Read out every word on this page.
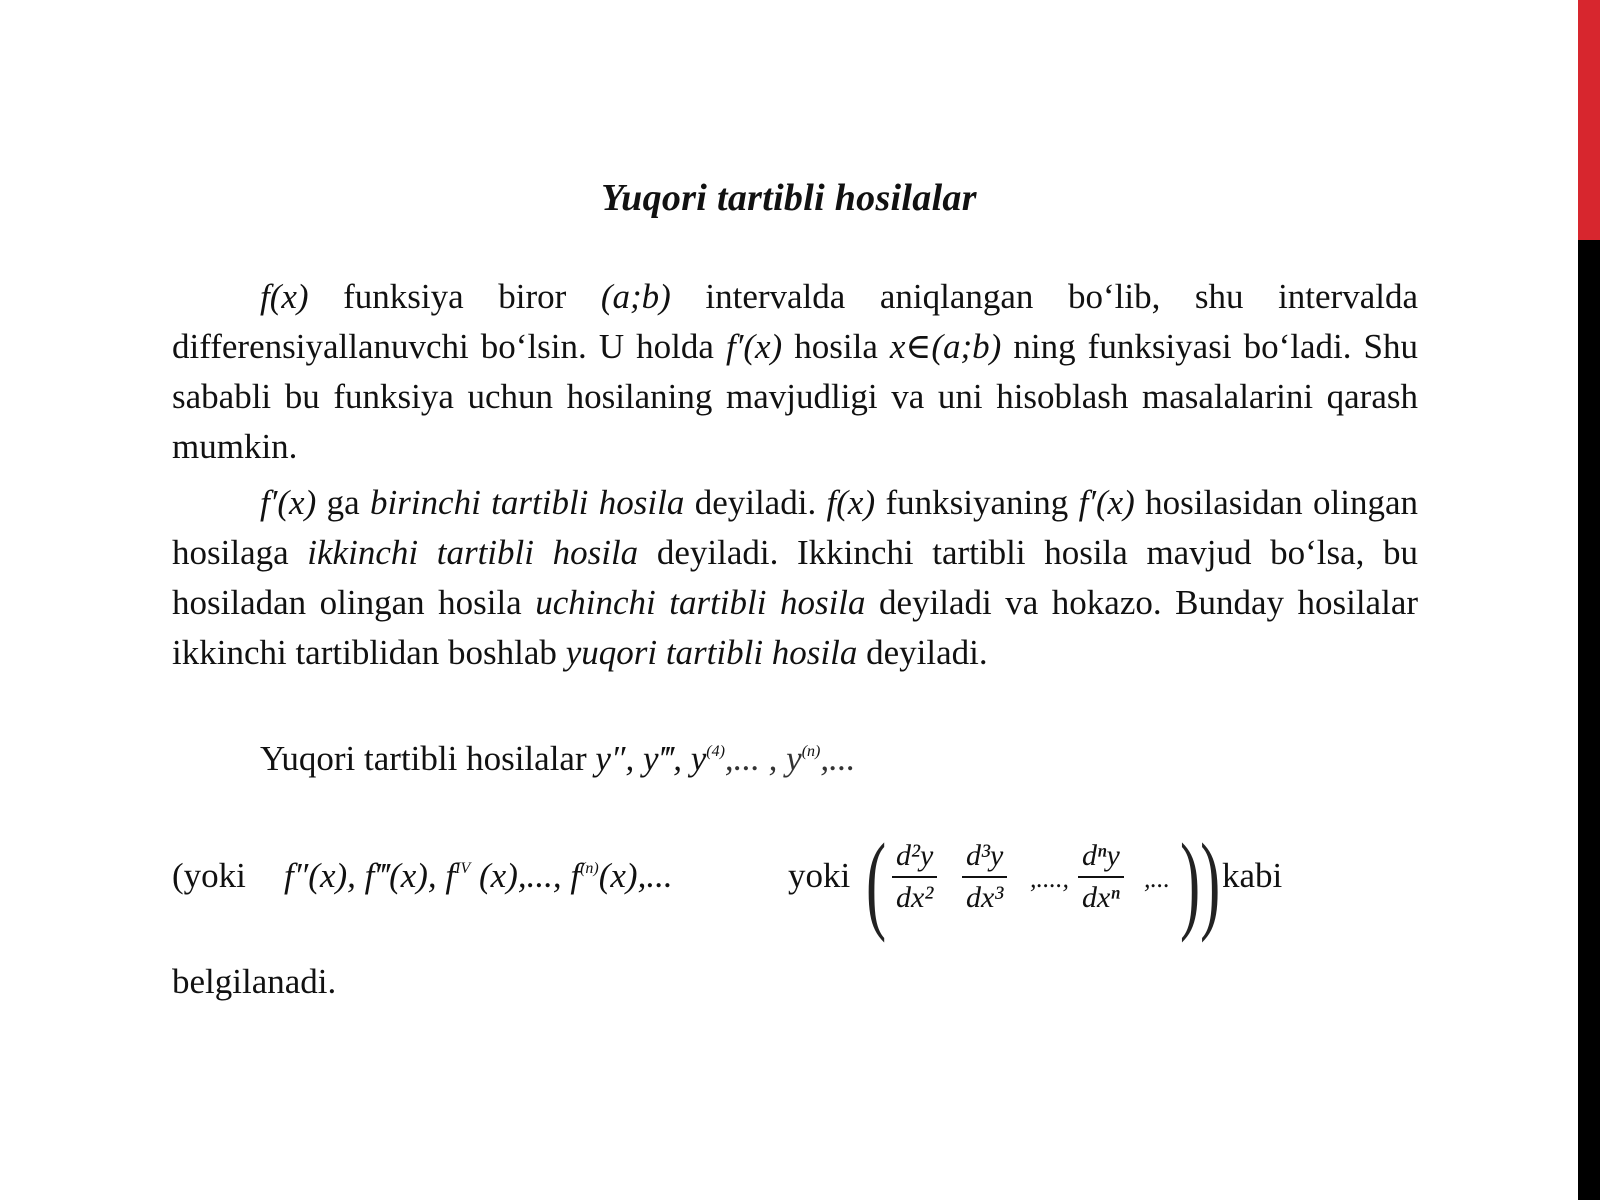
Yuqori tartibli hosilalar
f(x) funksiya biror (a;b) intervalda aniqlangan bo‘lib, shu intervalda differensiyallanuvchi bo‘lsin. U holda f′(x) hosila x∈(a;b) ning funksiyasi bo‘ladi. Shu sababli bu funksiya uchun hosilaning mavjudligi va uni hisoblash masalalarini qarash mumkin.
f′(x) ga birinchi tartibli hosila deyiladi. f(x) funksiyaning f′(x) hosilasidan olingan hosilaga ikkinchi tartibli hosila deyiladi. Ikkinchi tartibli hosila mavjud bo‘lsa, bu hosiladan olingan hosila uchinchi tartibli hosila deyiladi va hokazo. Bunday hosilalar ikkinchi tartiblidan boshlab yuqori tartibli hosila deyiladi.
Yuqori tartibli hosilalar y″, y‴, $y^{(4)}$,... , $y^{(n)}$,...
(yoki f″(x), f‴(x), $f^{IV}$ (x),..., $f^{(n)}(x)$,...	yoki ( $\frac{\text{d²y}}{\text{dx²}} \frac{\text{d³y}}{\text{dx³}}$ ,....,
dⁿy
dxⁿ
,... )) kabi
belgilanadi.
